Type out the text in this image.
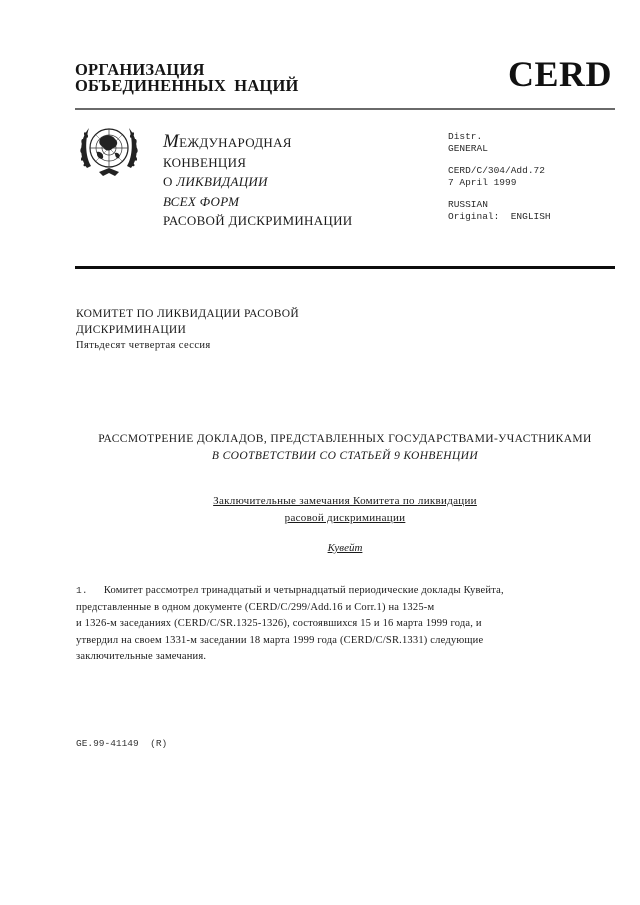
ОРГАНИЗАЦИЯ
ОБЪЕДИНЕННЫХ НАЦИЙ	CERD
МЕЖДУНАРОДНАЯ
КОНВЕНЦИЯ
О ЛИКВИДАЦИИ
ВСЕХ ФОРМ
РАСОВОЙ ДИСКРИМИНАЦИИ
Distr.
GENERAL
CERD/C/304/Add.72
7 April 1999
RUSSIAN
Original:  ENGLISH
КОМИТЕТ ПО ЛИКВИДАЦИИ РАСОВОЙ
ДИСКРИМИНАЦИИ
Пятьдесят четвертая сессия
РАССМОТРЕНИЕ ДОКЛАДОВ, ПРЕДСТАВЛЕННЫХ ГОСУДАРСТВАМИ-УЧАСТНИКАМИ
В СООТВЕТСТВИИ СО СТАТЬЕЙ 9 КОНВЕНЦИИ
Заключительные замечания Комитета по ликвидации
расовой дискриминации
Кувейт
1. Комитет рассмотрел тринадцатый и четырнадцатый периодические доклады Кувейта,
представленные в одном документе (CERD/C/299/Add.16 и Corr.1) на 1325-м
и 1326-м заседаниях (CERD/C/SR.1325-1326), состоявшихся 15 и 16 марта 1999 года, и
утвердил на своем 1331-м заседании 18 марта 1999 года (CERD/C/SR.1331) следующие
заключительные замечания.
GE.99-41149  (R)
